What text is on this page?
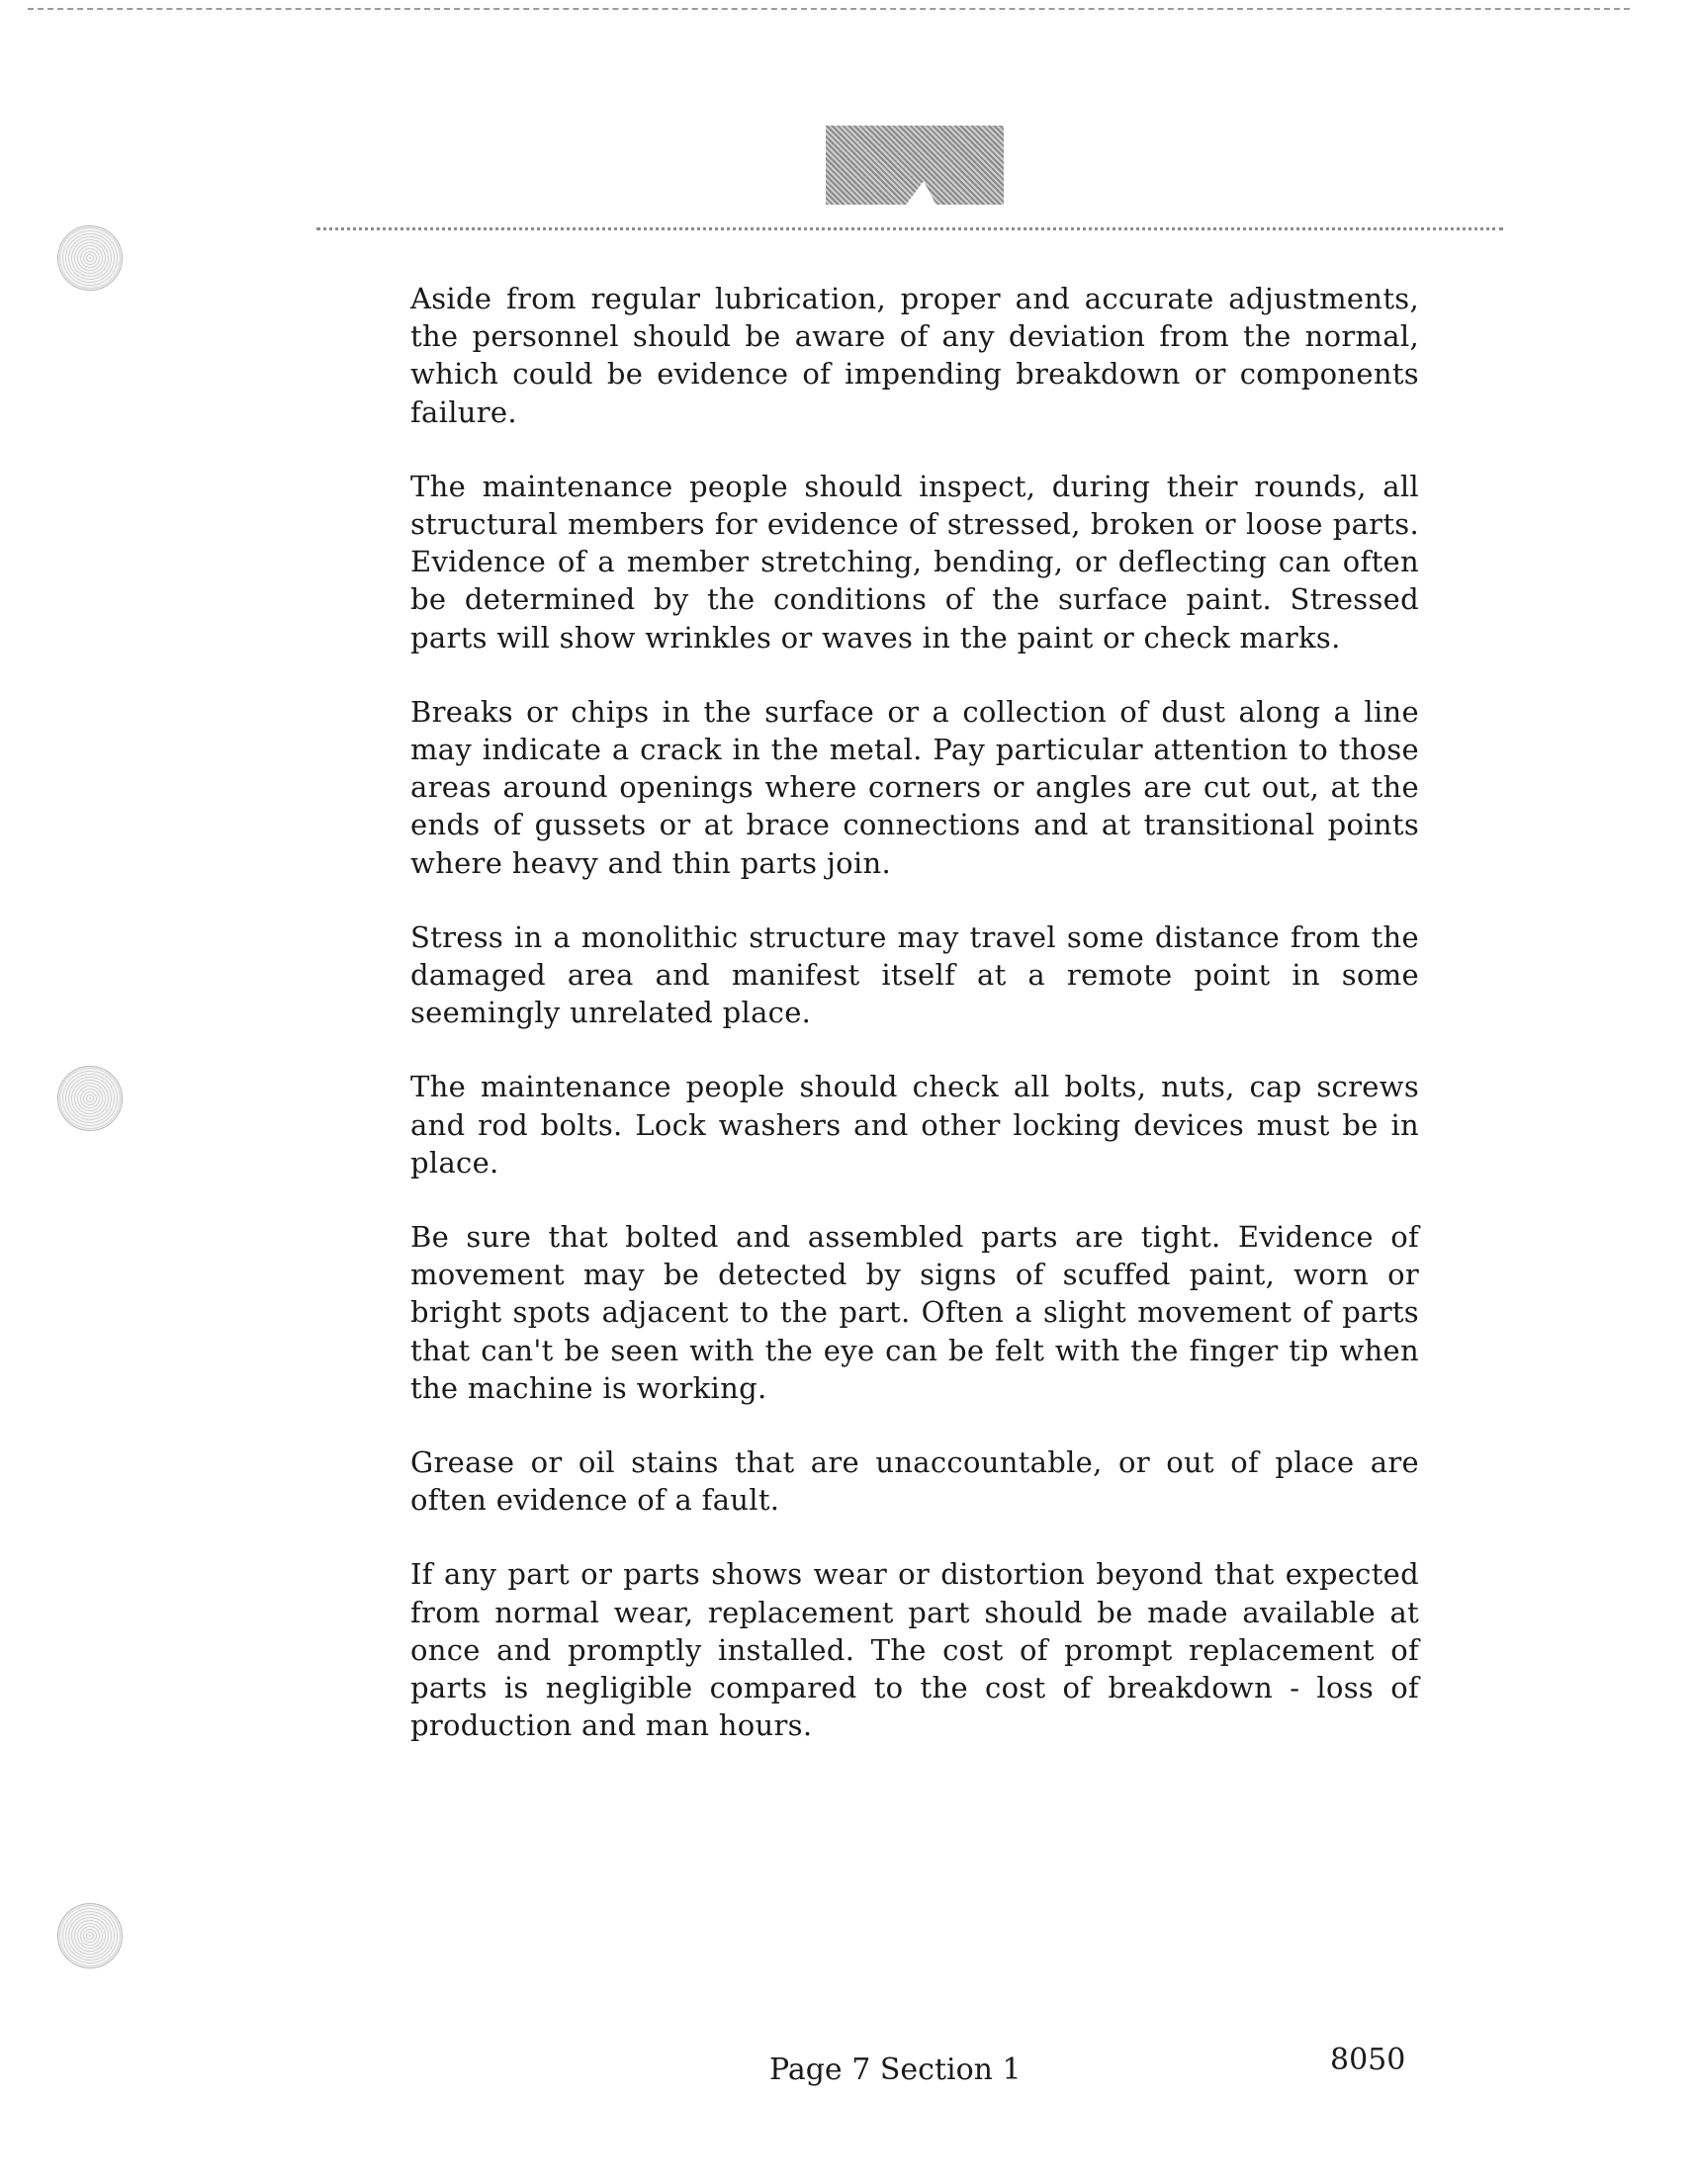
Aside from regular lubrication, proper and accurate adjustments, the personnel should be aware of any deviation from the normal, which could be evidence of impending breakdown or components failure.

The maintenance people should inspect, during their rounds, all structural members for evidence of stressed, broken or loose parts. Evidence of a member stretching, bending, or deflecting can often be determined by the conditions of the surface paint. Stressed parts will show wrinkles or waves in the paint or check marks.

Breaks or chips in the surface or a collection of dust along a line may indicate a crack in the metal. Pay particular attention to those areas around openings where corners or angles are cut out, at the ends of gussets or at brace connections and at transitional points where heavy and thin parts join.

Stress in a monolithic structure may travel some distance from the damaged area and manifest itself at a remote point in some seemingly unrelated place.

The maintenance people should check all bolts, nuts, cap screws and rod bolts. Lock washers and other locking devices must be in place.

Be sure that bolted and assembled parts are tight. Evidence of movement may be detected by signs of scuffed paint, worn or bright spots adjacent to the part. Often a slight movement of parts that can't be seen with the eye can be felt with the finger tip when the machine is working.

Grease or oil stains that are unaccountable, or out of place are often evidence of a fault.

If any part or parts shows wear or distortion beyond that expected from normal wear, replacement part should be made available at once and promptly installed. The cost of prompt replacement of parts is negligible compared to the cost of breakdown - loss of production and man hours.

Page 7 Section 1	8050
